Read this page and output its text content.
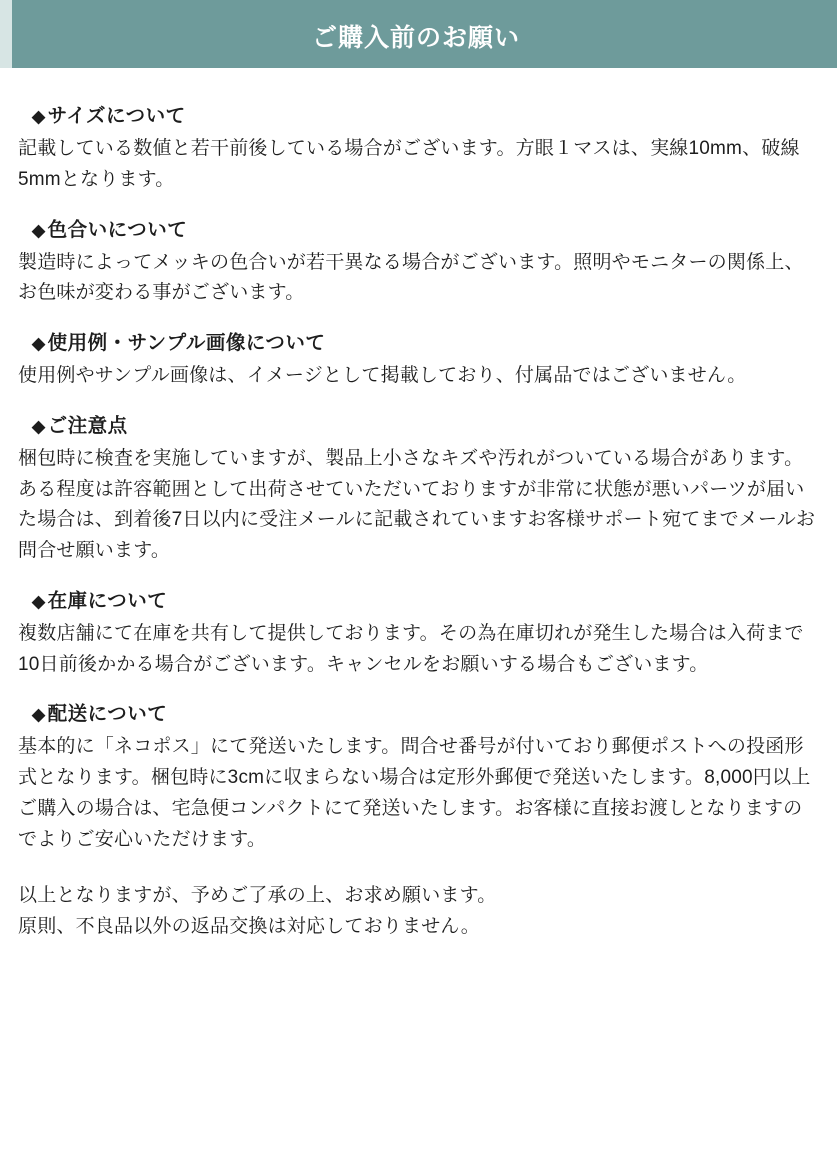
ご購入前のお願い
◆ サイズについて

記載している数値と若干前後している場合がございます。方眼１マスは、実線10mm、破線5mmとなります。

◆ 色合いについて

製造時によってメッキの色合いが若干異なる場合がございます。照明やモニターの関係上、お色味が変わる事がございます。

◆ 使用例・サンプル画像について

使用例やサンプル画像は、イメージとして掲載しており、付属品ではございません。

◆ ご注意点

梱包時に検査を実施していますが、製品上小さなキズや汚れがついている場合があります。ある程度は許容範囲として出荷させていただいておりますが非常に状態が悪いパーツが届いた場合は、到着後7日以内に受注メールに記載されていますお客様サポート宛てまでメールお問合せ願います。

◆ 在庫について

複数店舗にて在庫を共有して提供しております。その為在庫切れが発生した場合は入荷まで10日前後かかる場合がございます。キャンセルをお願いする場合もございます。

◆ 配送について

基本的に「ネコポス」にて発送いたします。問合せ番号が付いており郵便ポストへの投函形式となります。梱包時に3cmに収まらない場合は定形外郵便で発送いたします。8,000円以上ご購入の場合は、宅急便コンパクトにて発送いたします。お客様に直接お渡しとなりますのでよりご安心いただけます。

以上となりますが、予めご了承の上、お求め願います。

原則、不良品以外の返品交換は対応しておりません。
